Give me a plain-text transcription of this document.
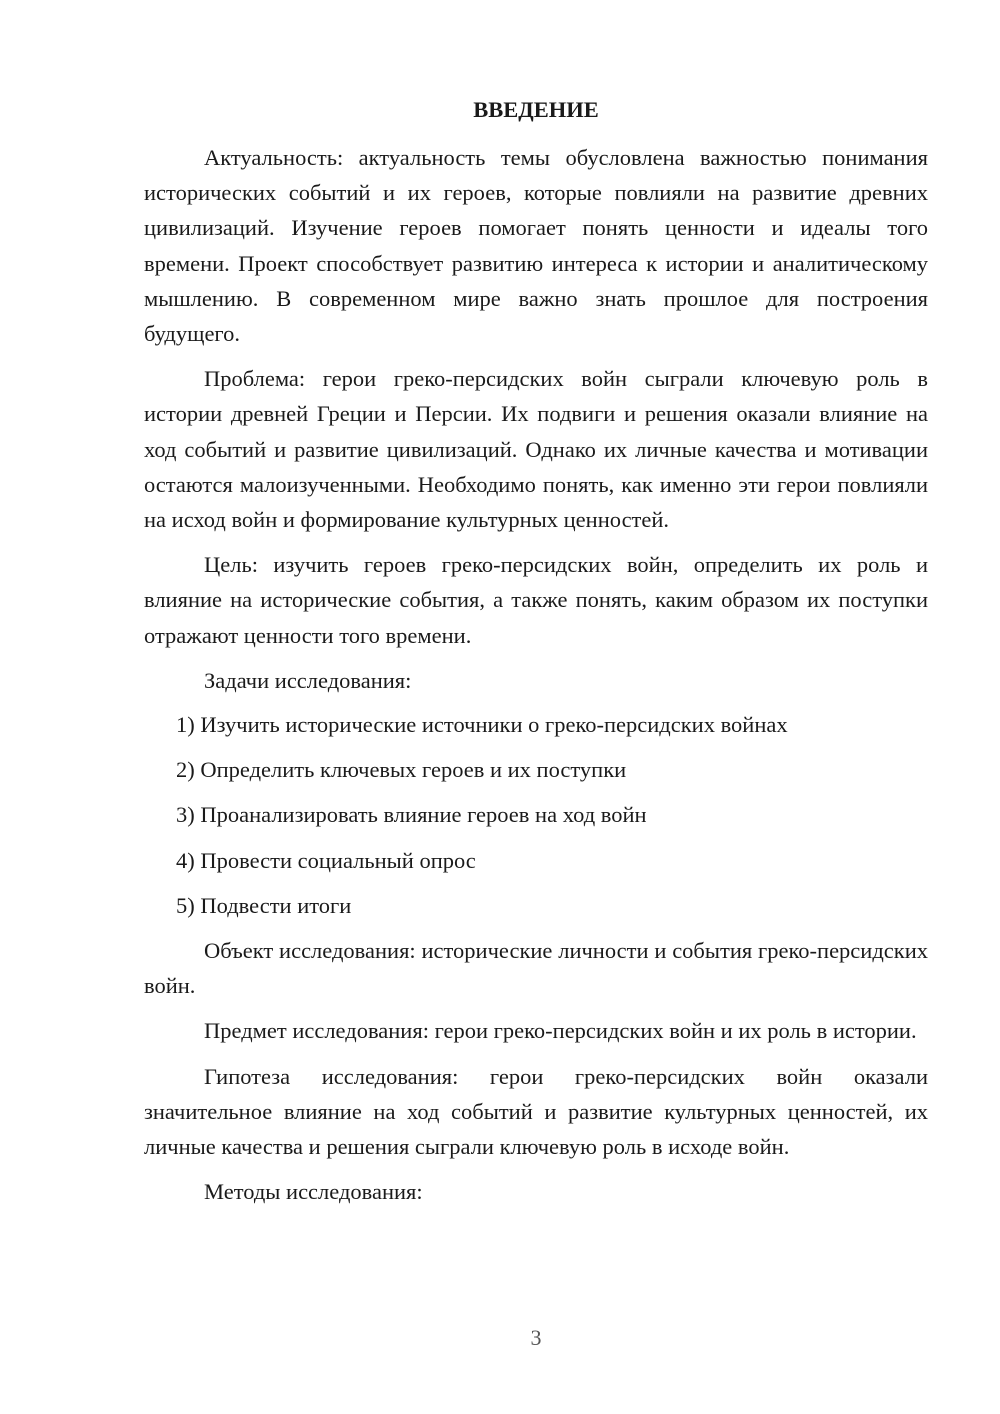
ВВЕДЕНИЕ

Актуальность: актуальность темы обусловлена важностью понимания исторических событий и их героев, которые повлияли на развитие древних цивилизаций. Изучение героев помогает понять ценности и идеалы того времени. Проект способствует развитию интереса к истории и аналитическому мышлению. В современном мире важно знать прошлое для построения будущего.

Проблема: герои греко-персидских войн сыграли ключевую роль в истории древней Греции и Персии. Их подвиги и решения оказали влияние на ход событий и развитие цивилизаций. Однако их личные качества и мотивации остаются малоизученными. Необходимо понять, как именно эти герои повлияли на исход войн и формирование культурных ценностей.

Цель: изучить героев греко-персидских войн, определить их роль и влияние на исторические события, а также понять, каким образом их поступки отражают ценности того времени.

Задачи исследования:

1) Изучить исторические источники о греко-персидских войнах
2) Определить ключевых героев и их поступки
3) Проанализировать влияние героев на ход войн
4) Провести социальный опрос
5) Подвести итоги

Объект исследования: исторические личности и события греко-персидских войн.

Предмет исследования: герои греко-персидских войн и их роль в истории.

Гипотеза исследования: герои греко-персидских войн оказали значительное влияние на ход событий и развитие культурных ценностей, их личные качества и решения сыграли ключевую роль в исходе войн.

Методы исследования:

3
